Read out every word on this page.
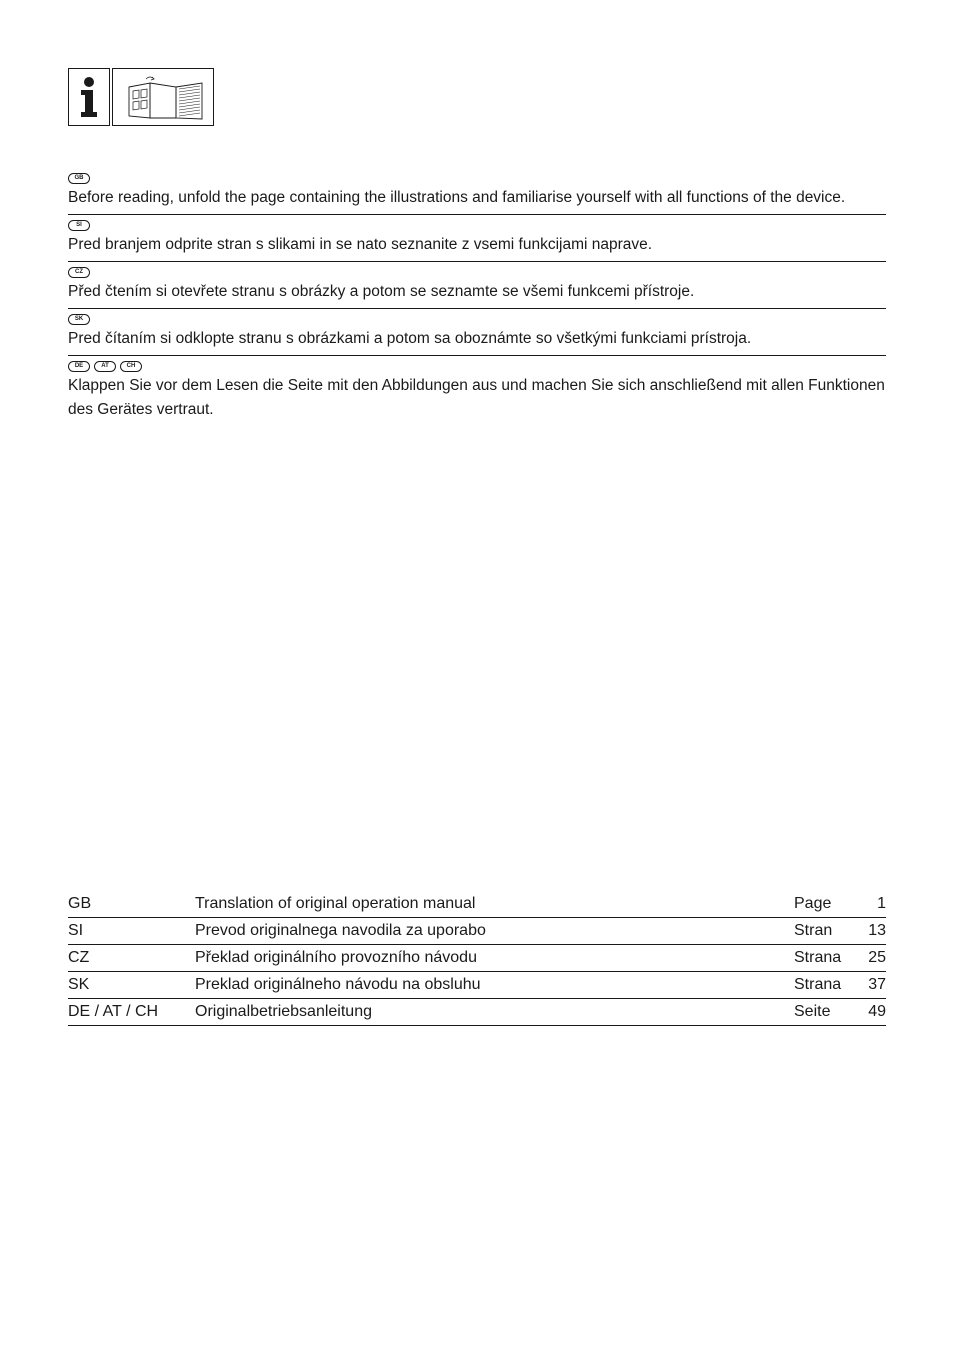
GB

Before reading, unfold the page containing the illustrations and familiarise yourself with all functions of the device.

SI

Pred branjem odprite stran s slikami in se nato seznanite z vsemi funkcijami naprave.

CZ

Před čtením si otevřete stranu s obrázky a potom se seznamte se všemi funkcemi přístroje.

SK

Pred čítaním si odklopte stranu s obrázkami a potom sa oboznámte so všetkými funkciami prístroja.

DE	AT	CH

Klappen Sie vor dem Lesen die Seite mit den Abbildungen aus und machen Sie sich anschließend mit allen Funktionen des Gerätes vertraut.

GB	Translation of original operation manual	Page	1
SI	Prevod originalnega navodila za uporabo	Stran	13
CZ	Překlad originálního provozního návodu	Strana	25
SK	Preklad originálneho návodu na obsluhu	Strana	37
DE / AT / CH	Originalbetriebsanleitung	Seite	49
